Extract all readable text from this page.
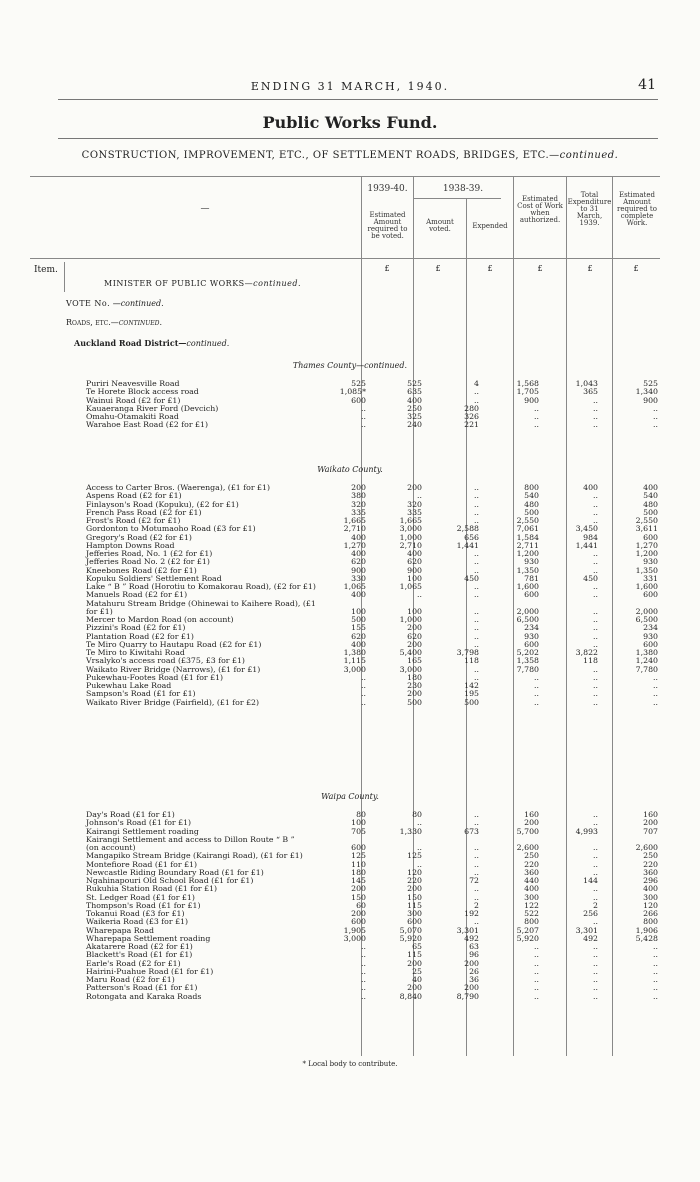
ENDING 31 MARCH, 1940.	41
Public Works Fund.
CONSTRUCTION, IMPROVEMENT, ETC., OF SETTLEMENT ROADS, BRIDGES, ETC.—continued.
1939-40.	1938-39.
Estimated Amount required to be voted.
Amount voted.	Expended
Estimated Cost of Work when authorized.
Total Expenditure to 31 March, 1939.
Estimated Amount required to complete Work.
—
Item.	£	£	£	£	£	£
MINISTER OF PUBLIC WORKS—continued.
VOTE No. —continued.
Roads, etc.—continued.
Auckland Road District—continued.
Thames County—continued.
Waikato County.
Waipa County.
Puriri Neavesville Road	525	525	4	1,568	1,043	525
Te Horete Block access road	1,085*	635	..	1,705	365	1,340
Wainui Road (£2 for £1)	600	400	..	900	..	900
Kauaeranga River Ford (Devcich)	..	250	280	..	..	..
Omahu-Otamakiti Road	..	325	326	..	..	..
Warahoe East Road (£2 for £1)	..	240	221	..	..	..
Access to Carter Bros. (Waerenga), (£1 for £1)	200	200	..	800	400	400
Aspens Road (£2 for £1)	380	..	..	540	..	540
Finlayson's Road (Kopuku), (£2 for £1)	320	320	..	480	..	480
French Pass Road (£2 for £1)	335	335	..	500	..	500
Frost's Road (£2 for £1)	1,665	1,665	..	2,550	..	2,550
Gordonton to Motumaoho Road (£3 for £1)	2,710	3,000	2,588	7,061	3,450	3,611
Gregory's Road (£2 for £1)	400	1,000	656	1,584	984	600
Hampton Downs Road	1,270	2,710	1,441	2,711	1,441	1,270
Jefferies Road, No. 1 (£2 for £1)	400	400	..	1,200	..	1,200
Jefferies Road No. 2 (£2 for £1)	620	620	..	930	..	930
Kneebones Road (£2 for £1)	900	900	..	1,350	..	1,350
Kopuku Soldiers' Settlement Road	330	100	450	781	450	331
Lake “ B ” Road (Horotiu to Komakorau Road), (£2 for £1)	1,065	1,065	..	1,600	..	1,600
Manuels Road (£2 for £1)	400	..	..	600	..	600
Matahuru Stream Bridge (Ohinewai to Kaihere Road), (£1
for £1)	100	100	..	2,000	..	2,000
Mercer to Mardon Road (on account)	500	1,000	..	6,500	..	6,500
Pizzini's Road (£2 for £1)	155	200	..	234	..	234
Plantation Road (£2 for £1)	620	620	..	930	..	930
Te Miro Quarry to Hautapu Road (£2 for £1)	400	200	..	600	..	600
Te Miro to Kiwitahi Road	1,380	5,400	3,798	5,202	3,822	1,380
Vrsalyko's access road (£375, £3 for £1)	1,115	165	118	1,358	118	1,240
Waikato River Bridge (Narrows), (£1 for £1)	3,000	3,000	..	7,780	..	7,780
Pukewhau-Footes Road (£1 for £1)	..	180	..	..	..	..
Pukewhau Lake Road	..	230	142	..	..	..
Sampson's Road (£1 for £1)	..	200	195	..	..	..
Waikato River Bridge (Fairfield), (£1 for £2)	..	500	500	..	..	..
Day's Road (£1 for £1)	80	80	..	160	..	160
Johnson's Road (£1 for £1)	100	..	..	200	..	200
Kairangi Settlement roading	705	1,330	673	5,700	4,993	707
Kairangi Settlement and access to Dillon Route “ B ”
(on account)	600	..	..	2,600	..	2,600
Mangapiko Stream Bridge (Kairangi Road), (£1 for £1)	125	125	..	250	..	250
Montefiore Road (£1 for £1)	110	..	..	220	..	220
Newcastle Riding Boundary Road (£1 for £1)	180	120	..	360	..	360
Ngahinapouri Old School Road (£1 for £1)	145	220	72	440	144	296
Rukuhia Station Road (£1 for £1)	200	200	..	400	..	400
St. Ledger Road (£1 for £1)	150	150	..	300	..	300
Thompson's Road (£1 for £1)	60	115	2	122	2	120
Tokanui Road (£3 for £1)	200	300	192	522	256	266
Waikeria Road (£3 for £1)	600	600	..	800	..	800
Wharepapa Road	1,905	5,070	3,301	5,207	3,301	1,906
Wharepapa Settlement roading	3,000	5,920	492	5,920	492	5,428
Akatarere Road (£2 for £1)	..	65	63	..	..	..
Blackett's Road (£1 for £1)	..	115	96	..	..	..
Earle's Road (£2 for £1)	..	200	200	..	..	..
Hairini-Puahue Road (£1 for £1)	..	25	26	..	..	..
Maru Road (£2 for £1)	..	40	36	..	..	..
Patterson's Road (£1 for £1)	..	200	200	..	..	..
Rotongata and Karaka Roads	..	8,840	8,790	..	..	..
* Local body to contribute.
